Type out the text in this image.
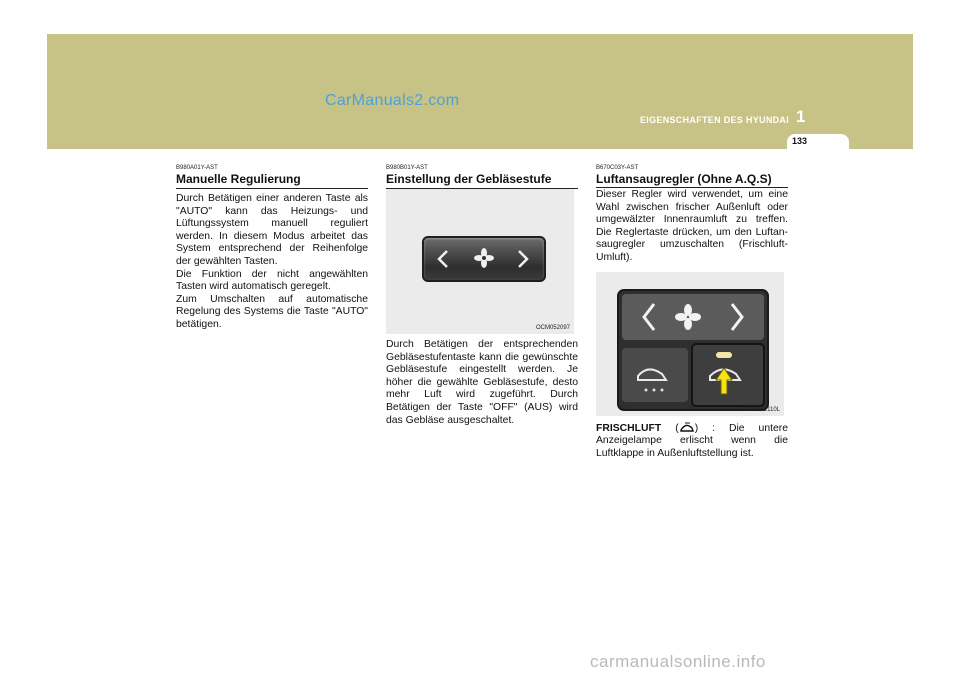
CarManuals2.com
EIGENSCHAFTEN DES HYUNDAI 1
133
B980A01Y-AST
Manuelle Regulierung

Durch Betätigen einer anderen Taste als "AUTO" kann das Heizungs- und Lüftungssystem manuell reguliert werden. In diesem Modus arbeitet das System entsprechend der Reihenfolge der gewählten Tasten.
Die Funktion der nicht angewählten Tasten wird automatisch geregelt.
Zum Umschalten auf automatische Regelung des Systems die Taste "AUTO" betätigen.

B980B01Y-AST
Einstellung der Gebläsestufe
OCM052097

Durch Betätigen der entsprechenden Gebläsestufentaste kann die gewünschte Gebläsestufe eingestellt werden. Je höher die gewählte Gebläsestufe, desto mehr Luft wird zugeführt. Durch Betätigen der Taste "OFF" (AUS) wird das Gebläse ausgeschaltet.

B670C03Y-AST
Luftansaugregler (Ohne A.Q.S)

Dieser Regler wird verwendet, um eine Wahl zwischen frischer Außenluft oder umgewälzter Innenraumluft zu treffen. Die Reglertaste drücken, um den Luftan-saugregler umzuschalten (Frischluft-Umluft).

OCM052110L

FRISCHLUFT ( ) : Die untere Anzeigelampe erlischt wenn die Luftklappe in Außenluftstellung ist.

carmanualsonline.info
